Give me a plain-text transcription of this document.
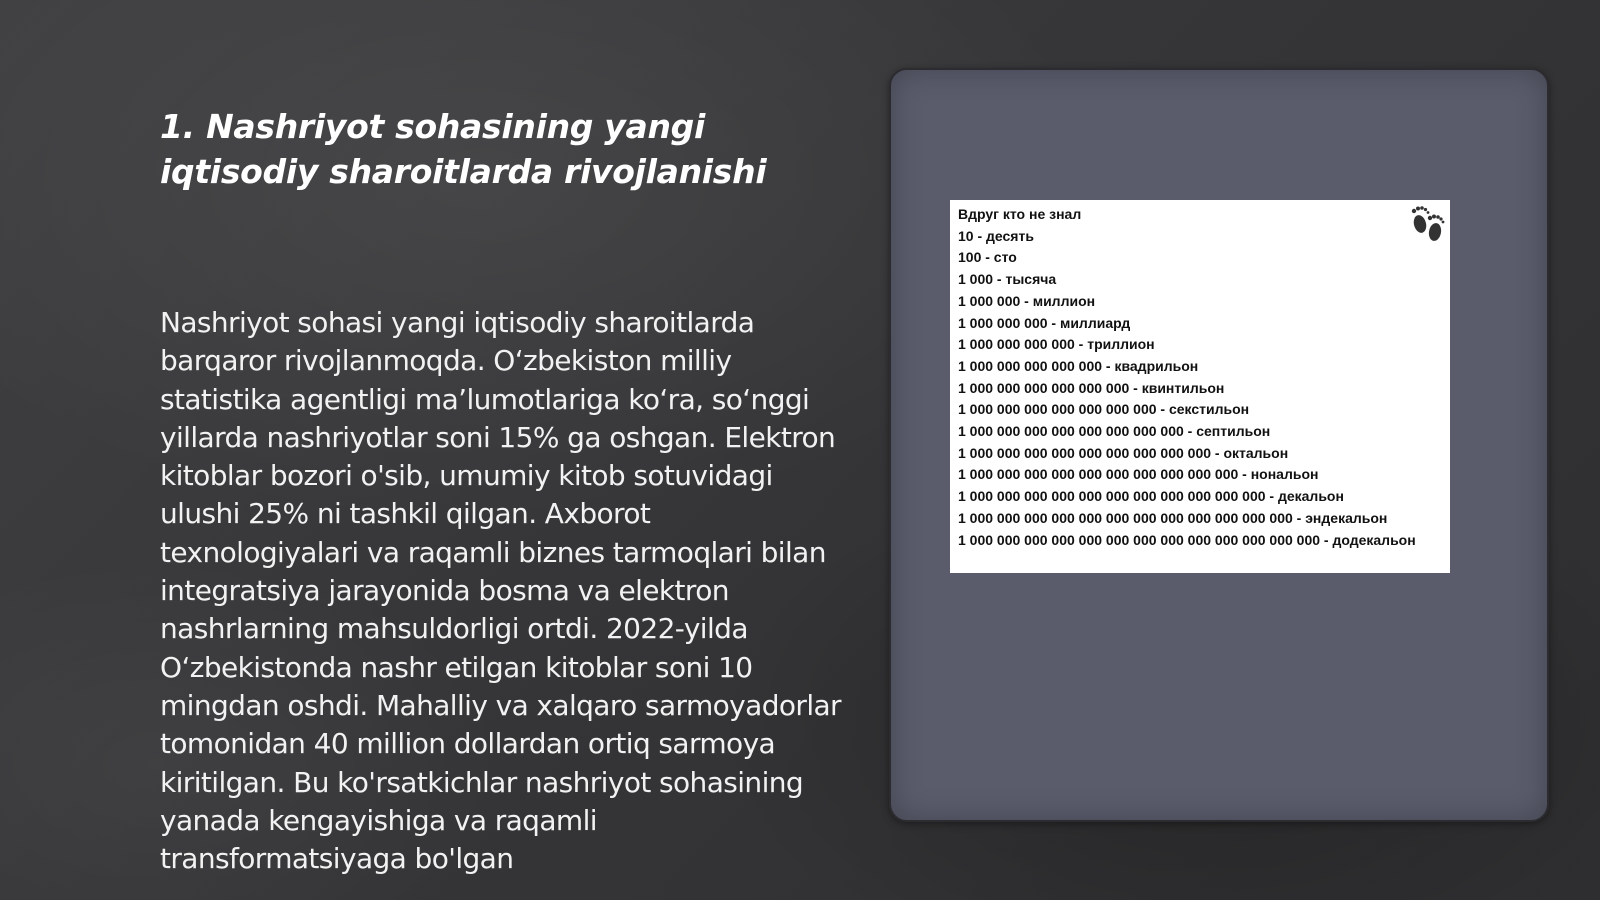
1. Nashriyot sohasining yangi iqtisodiy sharoitlarda rivojlanishi
Nashriyot sohasi yangi iqtisodiy sharoitlarda barqaror rivojlanmoqda. O‘zbekiston milliy statistika agentligi ma’lumotlariga ko‘ra, so‘nggi yillarda nashriyotlar soni 15% ga oshgan. Elektron kitoblar bozori o'sib, umumiy kitob sotuvidagi ulushi 25% ni tashkil qilgan. Axborot texnologiyalari va raqamli biznes tarmoqlari bilan integratsiya jarayonida bosma va elektron nashrlarning mahsuldorligi ortdi. 2022-yilda O‘zbekistonda nashr etilgan kitoblar soni 10 mingdan oshdi. Mahalliy va xalqaro sarmoyadorlar tomonidan 40 million dollardan ortiq sarmoya kiritilgan. Bu ko'rsatkichlar nashriyot sohasining yanada kengayishiga va raqamli transformatsiyaga bo'lgan
Вдруг кто не знал
10 - десять
100 - сто
1 000 - тысяча
1 000 000 - миллион
1 000 000 000 - миллиард
1 000 000 000 000 - триллион
1 000 000 000 000 000 - квадрильон
1 000 000 000 000 000 000 - квинтильон
1 000 000 000 000 000 000 000 - секстильон
1 000 000 000 000 000 000 000 000 - септильон
1 000 000 000 000 000 000 000 000 000 - октальон
1 000 000 000 000 000 000 000 000 000 000 - нональон
1 000 000 000 000 000 000 000 000 000 000 000 - декальон
1 000 000 000 000 000 000 000 000 000 000 000 000 - эндекальон
1 000 000 000 000 000 000 000 000 000 000 000 000 000 - додекальон
